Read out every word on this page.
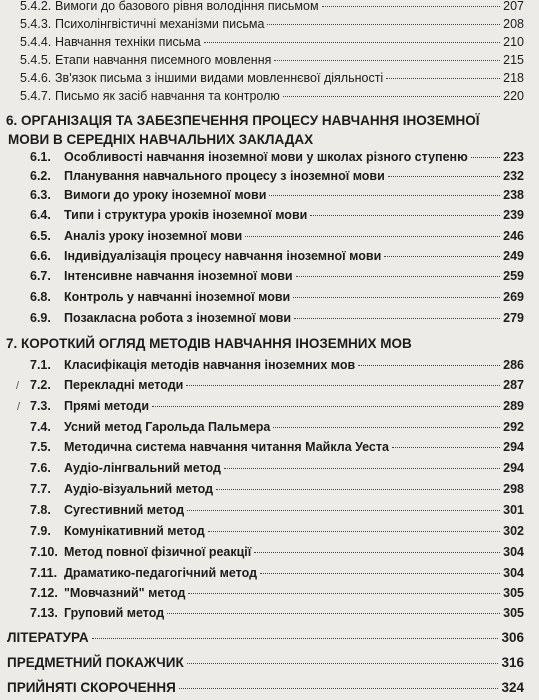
5.4.2. Вимоги до базового рівня володіння письмом	207
5.4.3. Психолінгвістичні механізми письма	208
5.4.4. Навчання техніки письма	210
5.4.5. Етапи навчання писемного мовлення	215
5.4.6. Зв'язок письма з іншими видами мовленнєвої діяльності	218
5.4.7. Письмо як засіб навчання та контролю	220
6. ОРГАНІЗАЦІЯ ТА ЗАБЕЗПЕЧЕННЯ ПРОЦЕСУ НАВЧАННЯ ІНОЗЕМНОЇ
МОВИ В СЕРЕДНІХ НАВЧАЛЬНИХ ЗАКЛАДАХ
6.1.	Особливості навчання іноземної мови у школах різного ступеню	223
6.2.	Планування навчального процесу з іноземної мови	232
6.3.	Вимоги до уроку іноземної мови	238
6.4.	Типи і структура уроків іноземної мови	239
6.5.	Аналіз уроку іноземної мови	246
6.6.	Індивідуалізація процесу навчання іноземної мови	249
6.7.	Інтенсивне навчання іноземної мови	259
6.8.	Контроль у навчанні іноземної мови	269
6.9.	Позакласна робота з іноземної мови	279
7. КОРОТКИЙ ОГЛЯД МЕТОДІВ НАВЧАННЯ ІНОЗЕМНИХ МОВ
7.1.	Класифікація методів навчання іноземних мов	286
7.2.	Перекладні методи	287
7.3.	Прямі методи	289
7.4.	Усний метод Гарольда Пальмера	292
7.5.	Методична система навчання читання Майкла Уеста	294
7.6.	Аудіо-лінгвальний метод	294
7.7.	Аудіо-візуальний метод	298
7.8.	Сугестивний метод	301
7.9.	Комунікативний метод	302
7.10. Метод повної фізичної реакції	304
7.11. Драматико-педагогічний метод	304
7.12. "Мовчазний" метод	305
7.13. Груповий метод	305
ЛІТЕРАТУРА	306
ПРЕДМЕТНИЙ ПОКАЖЧИК	316
ПРИЙНЯТІ СКОРОЧЕННЯ	324
/
/
